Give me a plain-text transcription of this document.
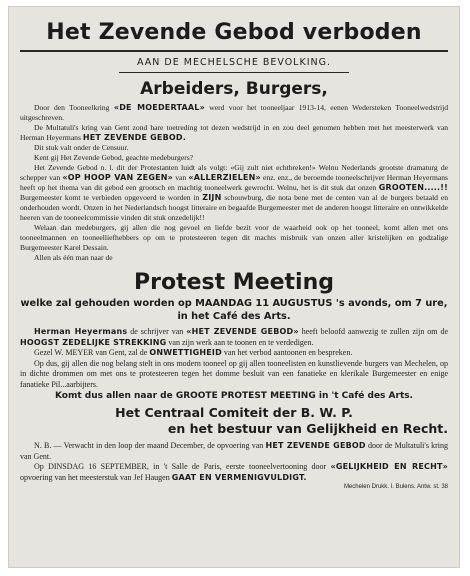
Het Zevende Gebod verboden
AAN DE MECHELSCHE BEVOLKING.
Arbeiders, Burgers,
Door den Tooneelkring «DE MOEDERTAAL» werd voor het tooneeljaar 1913-14, eenen Wedersteken Tooneelwedstrijd uitgeschreven.
De Multatuli's kring van Gent zond hare toetreding tot dezen wedstrijd in en zou deel genomen hebben met het meesterwerk van Herman Heyermans HET ZEVENDE GEBOD.
Dit stuk valt onder de Censuur.
Kent gij Het Zevende Gebod, geachte medeburgers?
Het Zevende Gebod n. l. dit der Protestanten luidt als volgt: «Gij zult niet echtbreken!» Welnu Nederlands grootste dramaturg de schepper van «OP HOOP VAN ZEGEN» van «ALLERZIELEN» enz. enz., de beroemde tooneelschrijver Herman Heyermans heeft op het thema van dit gebod een grootsch en machtig tooneelwerk gewrocht. Welnu, het is dit stuk dat onzen GROOTEN.....!! Burgemeester komt te verbieden opgevoerd te worden in ZIJN schouwburg, die nota bene met de centen van al de burgers betaald en onderhouden wordt. Onzen in het Nederlandsch hoogst litteraire en begaafde Burgemeester met de anderen hoogst litteraire en ontwikkelde heeren van de tooneelcommissie vinden dit stuk onzedelijk!!
Welaan dan medeburgers, gij allen die nog gevoel en liefde bezit voor de waarheid ook op het tooneel, komt allen met ons tooneelmannen en tooneelliefhebbers op om te protesteeren tegen dit machts misbruik van onzen aller kristelijken en godzalige Burgemeester Karel Dessain.
Allen als één man naar de
Protest Meeting
welke zal gehouden worden op MAANDAG 11 AUGUSTUS 's avonds, om 7 ure,
in het Café des Arts.
Herman Heyermans de schrijver van «HET ZEVENDE GEBOD» heeft beloofd aanwezig te zullen zijn om de HOOGST ZEDELIJKE STREKKING van zijn werk aan te toonen en te verdedigen.
Gezel W. MEYER van Gent, zal de ONWETTIGHEID van het verbod aantoonen en bespreken.
Op dus, gij allen die nog belang stelt in ons modern tooneel op gij allen tooneelisten en kunstlievende burgers van Mechelen, op in dichte drommen om met ons te protesteeren tegen het domme besluit van een fanatieke en klerikale Burgemeester en enige fanatieke Pil...aarbijters.
Komt dus allen naar de GROOTE PROTEST MEETING in 't Café des Arts.
Het Centraal Comiteit der B. W. P.
en het bestuur van Gelijkheid en Recht.
N. B. — Verwacht in den loop der maand December, de opvoering van HET ZEVENDE GEBOD door de Multatuli's kring van Gent.
Op DINSDAG 16 SEPTEMBER, in 't Salle de Paris, eerste tooneelvertooning door «GELIJKHEID EN RECHT» opvoering van het meesterstuk van Jef Haugen GAAT EN VERMENIGVULDIGT.
Mechelen Drukk. I. Bulens. Antw. st. 38
